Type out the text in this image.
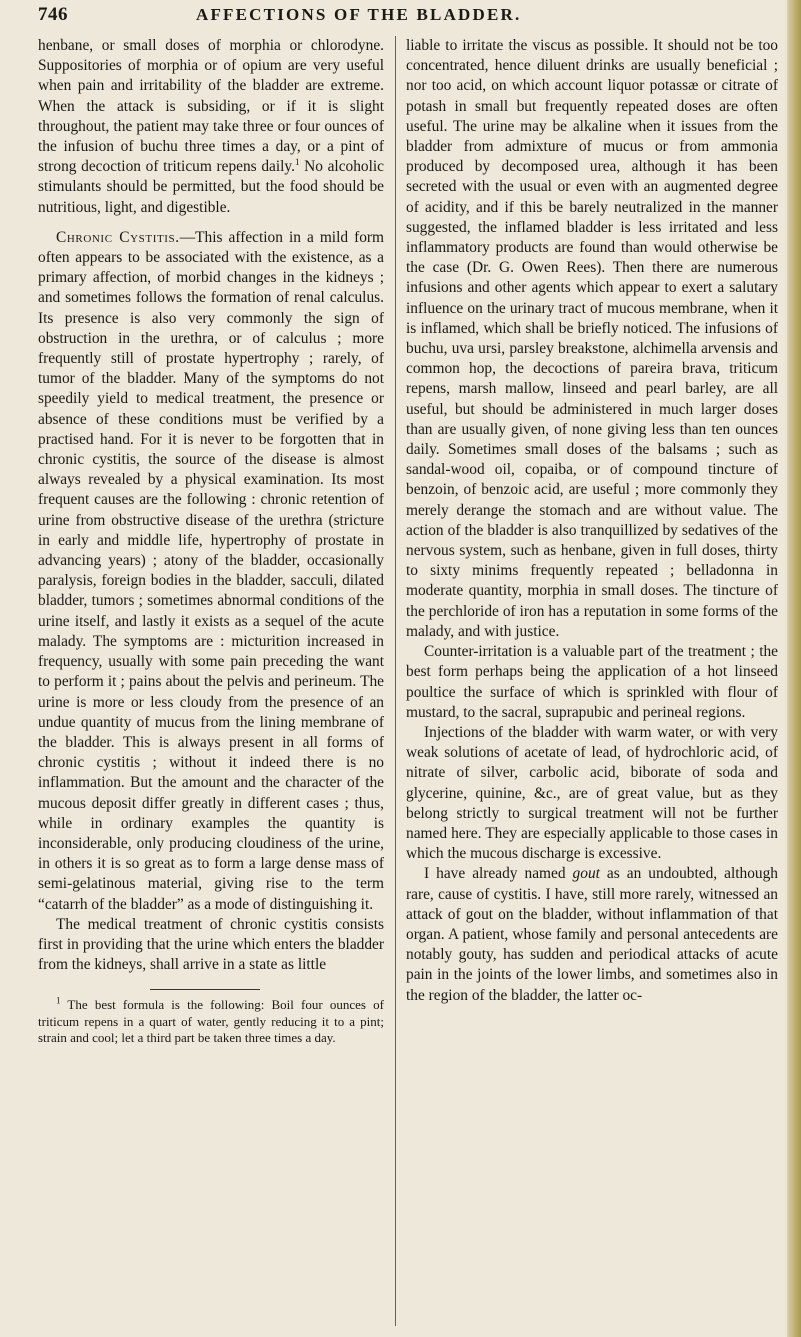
746	AFFECTIONS OF THE BLADDER.

henbane, or small doses of morphia or chlorodyne. Suppositories of morphia or of opium are very useful when pain and irritability of the bladder are extreme. When the attack is subsiding, or if it is slight throughout, the patient may take three or four ounces of the infusion of buchu three times a day, or a pint of strong decoction of triticum repens daily.$^1$ No alcoholic stimulants should be permitted, but the food should be nutritious, light, and digestible.

Chronic Cystitis.—This affection in a mild form often appears to be associated with the existence, as a primary affection, of morbid changes in the kidneys ; and sometimes follows the formation of renal calculus. Its presence is also very commonly the sign of obstruction in the urethra, or of calculus ; more frequently still of prostate hypertrophy ; rarely, of tumor of the bladder. Many of the symptoms do not speedily yield to medical treatment, the presence or absence of these conditions must be verified by a practised hand. For it is never to be forgotten that in chronic cystitis, the source of the disease is almost always revealed by a physical examination. Its most frequent causes are the following : chronic retention of urine from obstructive disease of the urethra (stricture in early and middle life, hypertrophy of prostate in advancing years) ; atony of the bladder, occasionally paralysis, foreign bodies in the bladder, sacculi, dilated bladder, tumors ; sometimes abnormal conditions of the urine itself, and lastly it exists as a sequel of the acute malady. The symptoms are : micturition increased in frequency, usually with some pain preceding the want to perform it ; pains about the pelvis and perineum. The urine is more or less cloudy from the presence of an undue quantity of mucus from the lining membrane of the bladder. This is always present in all forms of chronic cystitis ; without it indeed there is no inflammation. But the amount and the character of the mucous deposit differ greatly in different cases ; thus, while in ordinary examples the quantity is inconsiderable, only producing cloudiness of the urine, in others it is so great as to form a large dense mass of semi-gelatinous material, giving rise to the term “catarrh of the bladder” as a mode of distinguishing it.

The medical treatment of chronic cystitis consists first in providing that the urine which enters the bladder from the kidneys, shall arrive in a state as little

$^1$ The best formula is the following: Boil four ounces of triticum repens in a quart of water, gently reducing it to a pint; strain and cool; let a third part be taken three times a day.

liable to irritate the viscus as possible. It should not be too concentrated, hence diluent drinks are usually beneficial ; nor too acid, on which account liquor potassæ or citrate of potash in small but frequently repeated doses are often useful. The urine may be alkaline when it issues from the bladder from admixture of mucus or from ammonia produced by decomposed urea, although it has been secreted with the usual or even with an augmented degree of acidity, and if this be barely neutralized in the manner suggested, the inflamed bladder is less irritated and less inflammatory products are found than would otherwise be the case (Dr. G. Owen Rees). Then there are numerous infusions and other agents which appear to exert a salutary influence on the urinary tract of mucous membrane, when it is inflamed, which shall be briefly noticed. The infusions of buchu, uva ursi, parsley breakstone, alchimella arvensis and common hop, the decoctions of pareira brava, triticum repens, marsh mallow, linseed and pearl barley, are all useful, but should be administered in much larger doses than are usually given, of none giving less than ten ounces daily. Sometimes small doses of the balsams ; such as sandal-wood oil, copaiba, or of compound tincture of benzoin, of benzoic acid, are useful ; more commonly they merely derange the stomach and are without value. The action of the bladder is also tranquillized by sedatives of the nervous system, such as henbane, given in full doses, thirty to sixty minims frequently repeated ; belladonna in moderate quantity, morphia in small doses. The tincture of the perchloride of iron has a reputation in some forms of the malady, and with justice.

Counter-irritation is a valuable part of the treatment ; the best form perhaps being the application of a hot linseed poultice the surface of which is sprinkled with flour of mustard, to the sacral, suprapubic and perineal regions.

Injections of the bladder with warm water, or with very weak solutions of acetate of lead, of hydrochloric acid, of nitrate of silver, carbolic acid, biborate of soda and glycerine, quinine, &c., are of great value, but as they belong strictly to surgical treatment will not be further named here. They are especially applicable to those cases in which the mucous discharge is excessive.

I have already named gout as an undoubted, although rare, cause of cystitis. I have, still more rarely, witnessed an attack of gout on the bladder, without inflammation of that organ. A patient, whose family and personal antecedents are notably gouty, has sudden and periodical attacks of acute pain in the joints of the lower limbs, and sometimes also in the region of the bladder, the latter oc-
